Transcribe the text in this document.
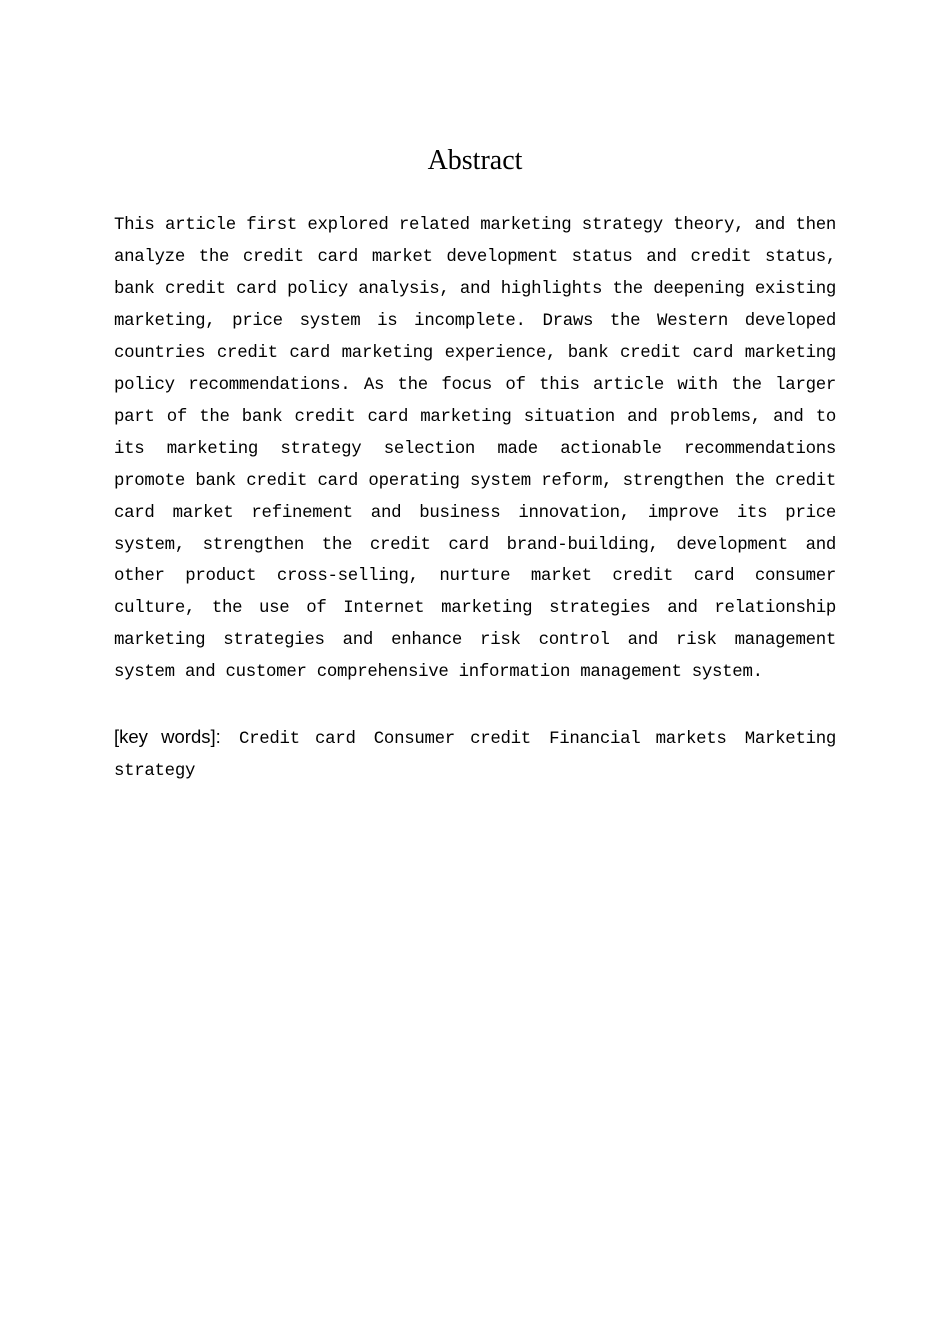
Abstract

This article first explored related marketing strategy theory, and then analyze the credit card market development status and credit status, bank credit card policy analysis, and highlights the deepening existing marketing, price system is incomplete. Draws the Western developed countries credit card marketing experience, bank credit card marketing policy recommendations. As the focus of this article with the larger part of the bank credit card marketing situation and problems, and to its marketing strategy selection made actionable recommendations promote bank credit card operating system reform, strengthen the credit card market refinement and business innovation, improve its price system, strengthen the credit card brand-building, development and other product cross-selling, nurture market credit card consumer culture, the use of Internet marketing strategies and relationship marketing strategies and enhance risk control and risk management system and customer comprehensive information management system.

[key words]: Credit card Consumer credit Financial markets Marketing strategy
